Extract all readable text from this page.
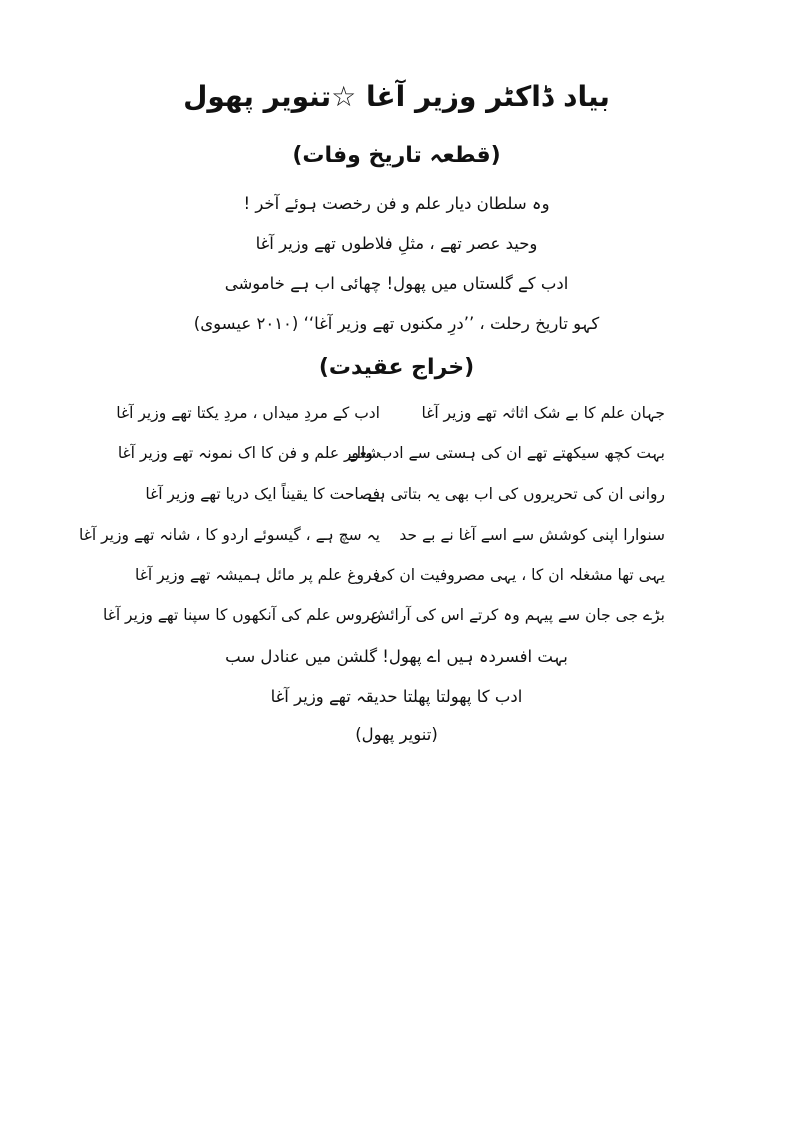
بیاد ڈاکٹر وزیر آغا ☆تنویر پھول
(قطعہ تاریخ وفات)
وہ سلطان دیار علم و فن رخصت ہوئے آخر !
وحید عصر تھے ، مثلِ فلاطوں تھے وزیر آغا
ادب کے گلستاں میں پھول! چھائی اب ہے خاموشی
کہو تاریخ رحلت ، ’’درِ مکنوں تھے وزیر آغا‘‘ (۲۰۱۰ عیسوی)
(خراج عقیدت)
جہان علم کا بے شک اثاثہ تھے وزیر آغا
ادب کے مردِ میداں ، مردِ یکتا تھے وزیر آغا
بہت کچھ سیکھتے تھے ان کی ہستی سے ادب والے
شعور علم و فن کا اک نمونہ تھے وزیر آغا
روانی ان کی تحریروں کی اب بھی یہ بتاتی ہے
فصاحت کا یقیناً ایک دریا تھے وزیر آغا
سنوارا اپنی کوشش سے اسے آغا نے بے حد
یہ سچ ہے ، گیسوئے اردو کا ، شانہ تھے وزیر آغا
یہی تھا مشغلہ ان کا ، یہی مصروفیت ان کی
فروغ علم پر مائل ہمیشہ تھے وزیر آغا
بڑے جی جان سے پیہم وہ کرتے اس کی آرائش
عروس علم کی آنکھوں کا سپنا تھے وزیر آغا
بہت افسردہ ہیں اے پھول! گلشن میں عنادل سب
ادب کا پھولتا پھلتا حدیقہ تھے وزیر آغا
(تنویر پھول)
